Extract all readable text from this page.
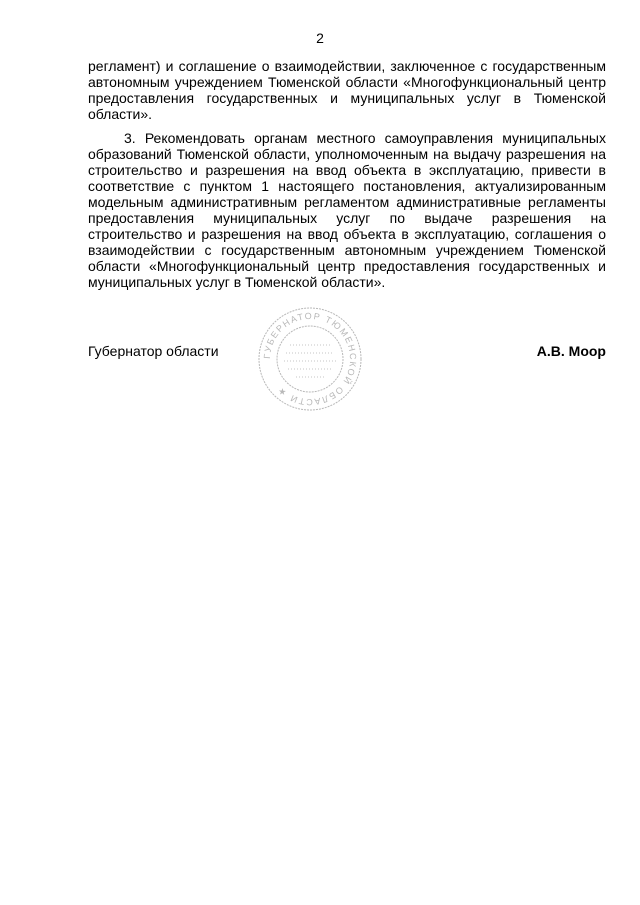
2
регламент) и соглашение о взаимодействии, заключенное с государственным
автономным учреждением Тюменской области «Многофункциональный центр
предоставления государственных и муниципальных услуг в Тюменской
области».
3. Рекомендовать органам местного самоуправления муниципальных
образований Тюменской области, уполномоченным на выдачу разрешения на
строительство и разрешения на ввод объекта в эксплуатацию, привести в
соответствие с пунктом 1 настоящего постановления, актуализированным
модельным административным регламентом административные регламенты
предоставления муниципальных услуг по выдаче разрешения на
строительство и разрешения на ввод объекта в эксплуатацию, соглашения о
взаимодействии с государственным автономным учреждением Тюменской
области «Многофункциональный центр предоставления государственных и
муниципальных услуг в Тюменской области».
Губернатор области	ГУБЕРНАТОР ТЮМЕНСКОЙ ОБЛАСТИ ★
А.В. Моор
